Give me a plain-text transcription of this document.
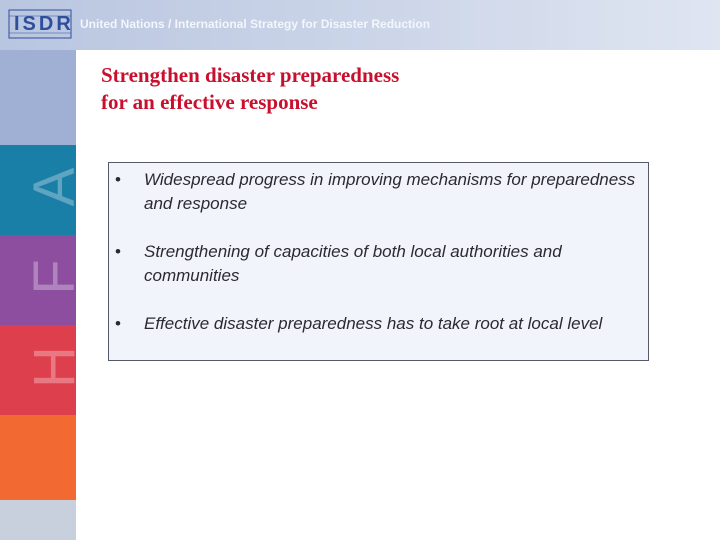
ISDR United Nations / International Strategy for Disaster Reduction
A
F
H
Strengthen disaster preparedness
for an effective response
•	Widespread progress in improving mechanisms for preparedness and response
•	Strengthening of capacities of both local authorities and communities
•	Effective disaster preparedness has to take root at local level
